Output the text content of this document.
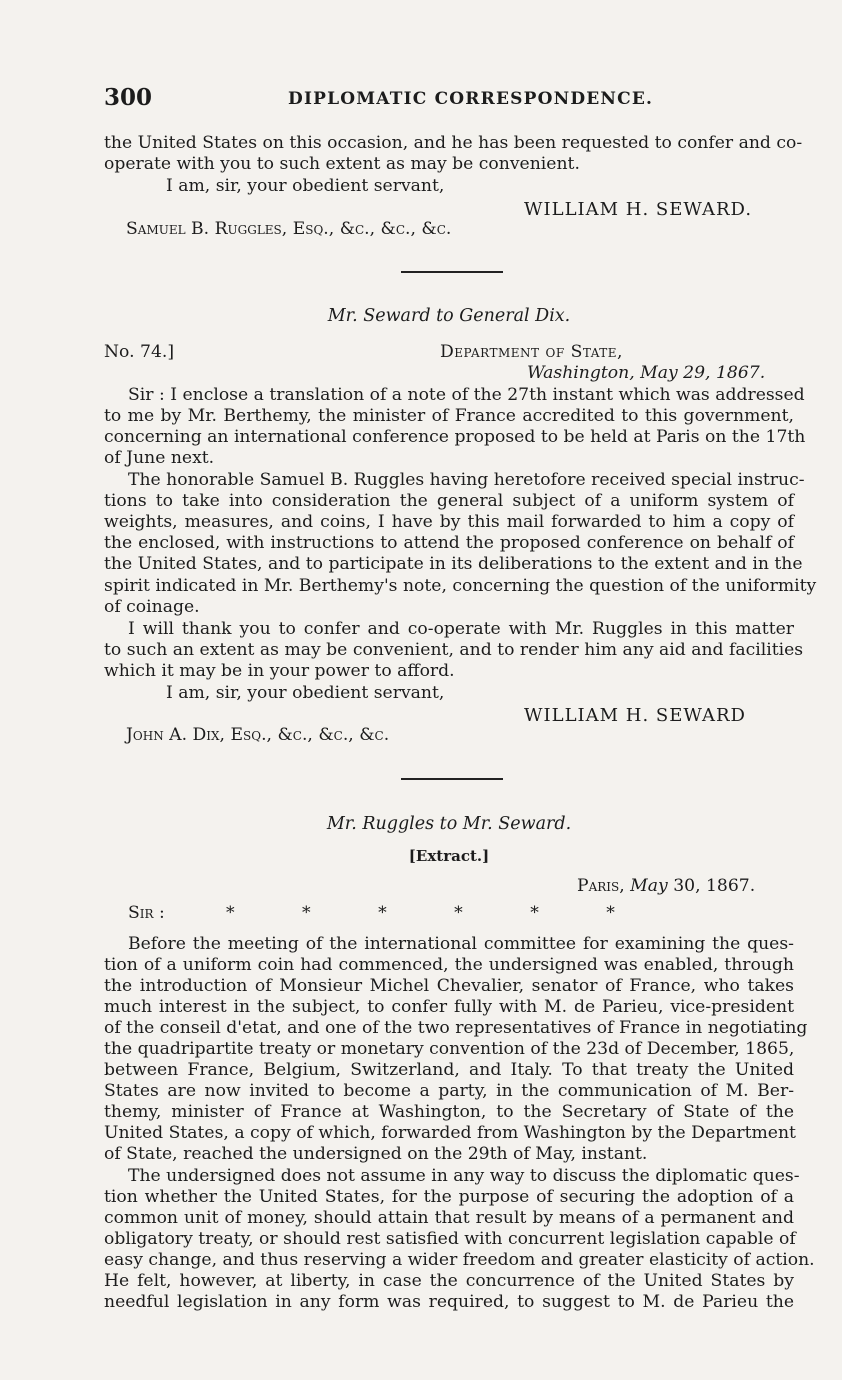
300	DIPLOMATIC CORRESPONDENCE.
the United States on this occasion, and he has been requested to confer and co-
operate with you to such extent as may be convenient.
I am, sir, your obedient servant,
WILLIAM H. SEWARD.
Samuel B. Ruggles, Esq., &c., &c., &c.
Mr. Seward to General Dix.
No. 74.]	Department of State,
Washington, May 29, 1867.
Sir : I enclose a translation of a note of the 27th instant which was addressed
to me by Mr. Berthemy, the minister of France accredited to this government,
concerning an international conference proposed to be held at Paris on the 17th
of June next.
The honorable Samuel B. Ruggles having heretofore received special instruc-
tions to take into consideration the general subject of a uniform system of
weights, measures, and coins, I have by this mail forwarded to him a copy of
the enclosed, with instructions to attend the proposed conference on behalf of
the United States, and to participate in its deliberations to the extent and in the
spirit indicated in Mr. Berthemy's note, concerning the question of the uniformity
of coinage.
I will thank you to confer and co-operate with Mr. Ruggles in this matter
to such an extent as may be convenient, and to render him any aid and facilities
which it may be in your power to afford.
I am, sir, your obedient servant,
WILLIAM H. SEWARD
John A. Dix, Esq., &c., &c., &c.
Mr. Ruggles to Mr. Seward.
[Extract.]
Paris, May 30, 1867.
Sir :	* * * * * *
Before the meeting of the international committee for examining the ques-
tion of a uniform coin had commenced, the undersigned was enabled, through
the introduction of Monsieur Michel Chevalier, senator of France, who takes
much interest in the subject, to confer fully with M. de Parieu, vice-president
of the conseil d'etat, and one of the two representatives of France in negotiating
the quadripartite treaty or monetary convention of the 23d of December, 1865,
between France, Belgium, Switzerland, and Italy. To that treaty the United
States are now invited to become a party, in the communication of M. Ber-
themy, minister of France at Washington, to the Secretary of State of the
United States, a copy of which, forwarded from Washington by the Department
of State, reached the undersigned on the 29th of May, instant.
The undersigned does not assume in any way to discuss the diplomatic ques-
tion whether the United States, for the purpose of securing the adoption of a
common unit of money, should attain that result by means of a permanent and
obligatory treaty, or should rest satisfied with concurrent legislation capable of
easy change, and thus reserving a wider freedom and greater elasticity of action.
He felt, however, at liberty, in case the concurrence of the United States by
needful legislation in any form was required, to suggest to M. de Parieu the
